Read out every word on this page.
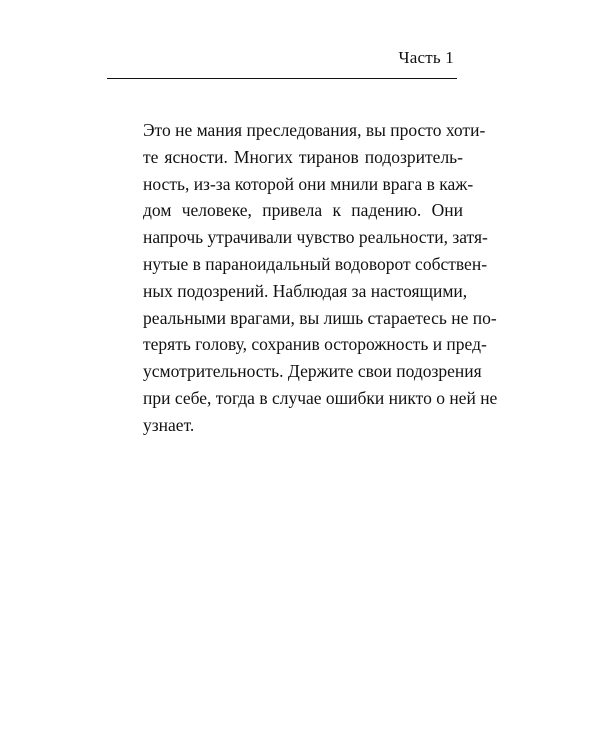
Часть 1
Это не мания преследования, вы просто хоти-
те ясности. Многих тиранов подозритель-
ность, из-за которой они мнили врага в каж-
дом человеке, привела к падению. Они
напрочь утрачивали чувство реальности, затя-
нутые в параноидальный водоворот собствен-
ных подозрений. Наблюдая за настоящими,
реальными врагами, вы лишь стараетесь не по-
терять голову, сохранив осторожность и пред-
усмотрительность. Держите свои подозрения
при себе, тогда в случае ошибки никто о ней не
узнает.
